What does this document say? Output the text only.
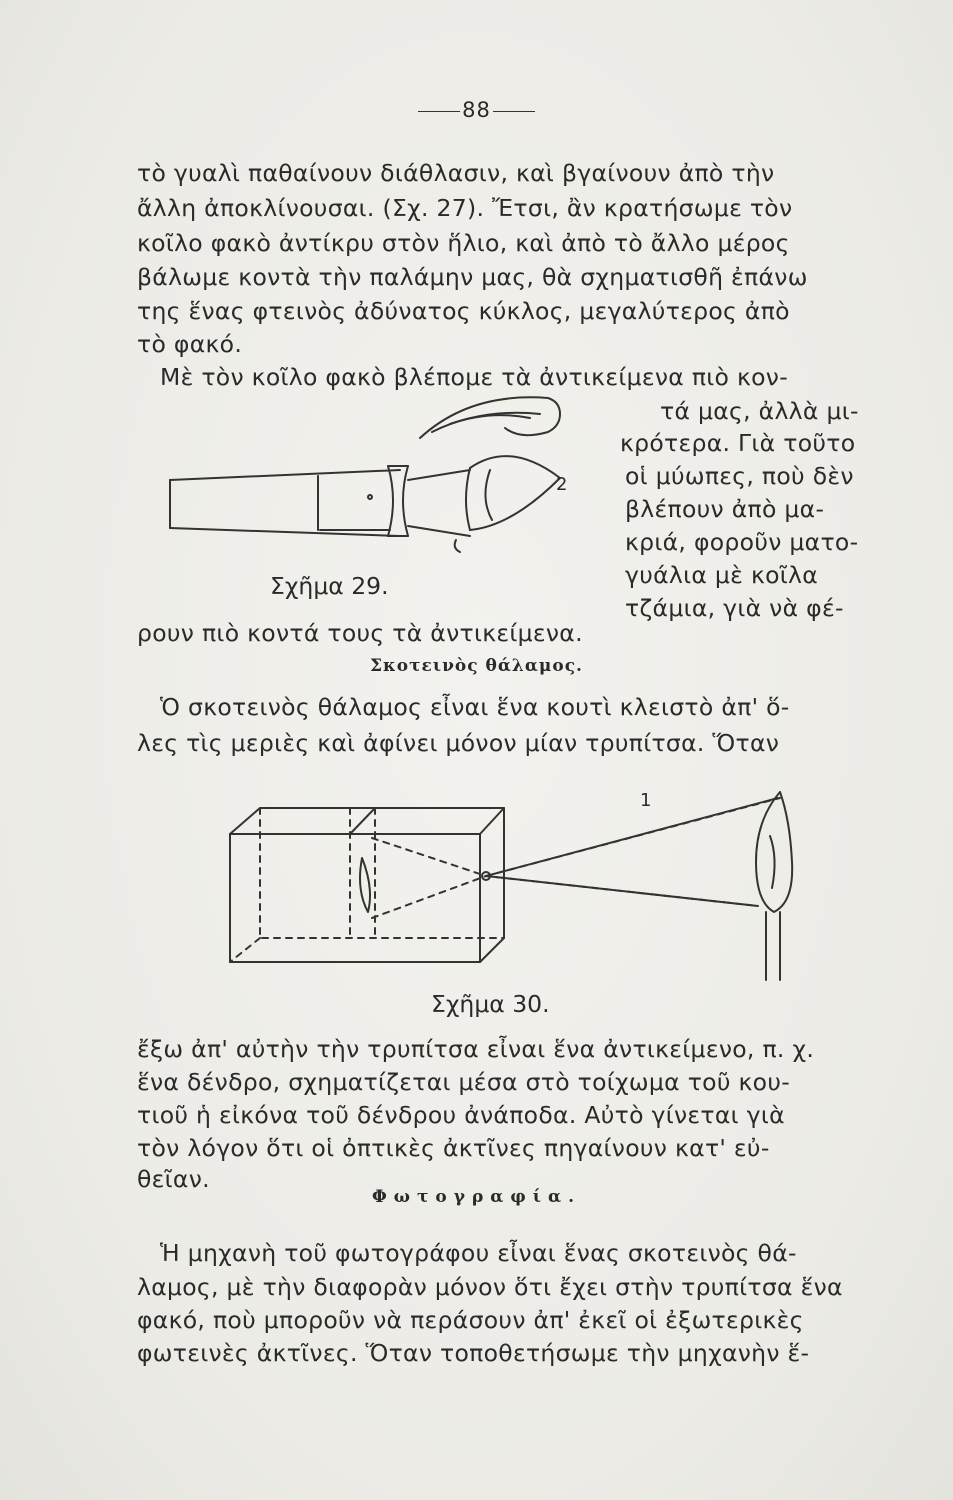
88
τὸ γυαλὶ παθαίνουν διάθλασιν, καὶ βγαίνουν ἀπὸ τὴν
ἄλλη ἀποκλίνουσαι. (Σχ. 27). Ἔτσι, ἂν κρατήσωμε τὸν
κοῖλο φακὸ ἀντίκρυ στὸν ἥλιο, καὶ ἀπὸ τὸ ἄλλο μέρος
βάλωμε κοντὰ τὴν παλάμην μας, θὰ σχηματισθῆ ἐπάνω
της ἕνας φτεινὸς ἀδύνατος κύκλος, μεγαλύτερος ἀπὸ
τὸ φακό.
Μὲ τὸν κοῖλο φακὸ βλέπομε τὰ ἀντικείμενα πιὸ κον-
τά μας, ἀλλὰ μι-
κρότερα. Γιὰ τοῦτο
οἱ μύωπες, ποὺ δὲν
βλέπουν ἀπὸ μα-
κριά, φοροῦν ματο-
γυάλια μὲ κοῖλα
τζάμια, γιὰ νὰ φέ-
ρουν πιὸ κοντά τους τὰ ἀντικείμενα.
Σχῆμα 29.
2
Σκοτεινὸς θάλαμος.
Ὁ σκοτεινὸς θάλαμος εἶναι ἕνα κουτὶ κλειστὸ ἀπ' ὅ-
λες τὶς μεριὲς καὶ ἀφίνει μόνον μίαν τρυπίτσα. Ὅταν
1
Σχῆμα 30.
ἔξω ἀπ' αὐτὴν τὴν τρυπίτσα εἶναι ἕνα ἀντικείμενο, π. χ.
ἕνα δένδρο, σχηματίζεται μέσα στὸ τοίχωμα τοῦ κου-
τιοῦ ἡ εἰκόνα τοῦ δένδρου ἀνάποδα. Αὐτὸ γίνεται γιὰ
τὸν λόγον ὅτι οἱ ὀπτικὲς ἀκτῖνες πηγαίνουν κατ' εὐ-
θεῖαν.
Φωτογραφία.
Ἡ μηχανὴ τοῦ φωτογράφου εἶναι ἕνας σκοτεινὸς θά-
λαμος, μὲ τὴν διαφορὰν μόνον ὅτι ἔχει στὴν τρυπίτσα ἕνα
φακό, ποὺ μποροῦν νὰ περάσουν ἀπ' ἐκεῖ οἱ ἐξωτερικὲς
φωτεινὲς ἀκτῖνες. Ὅταν τοποθετήσωμε τὴν μηχανὴν ἕ-
